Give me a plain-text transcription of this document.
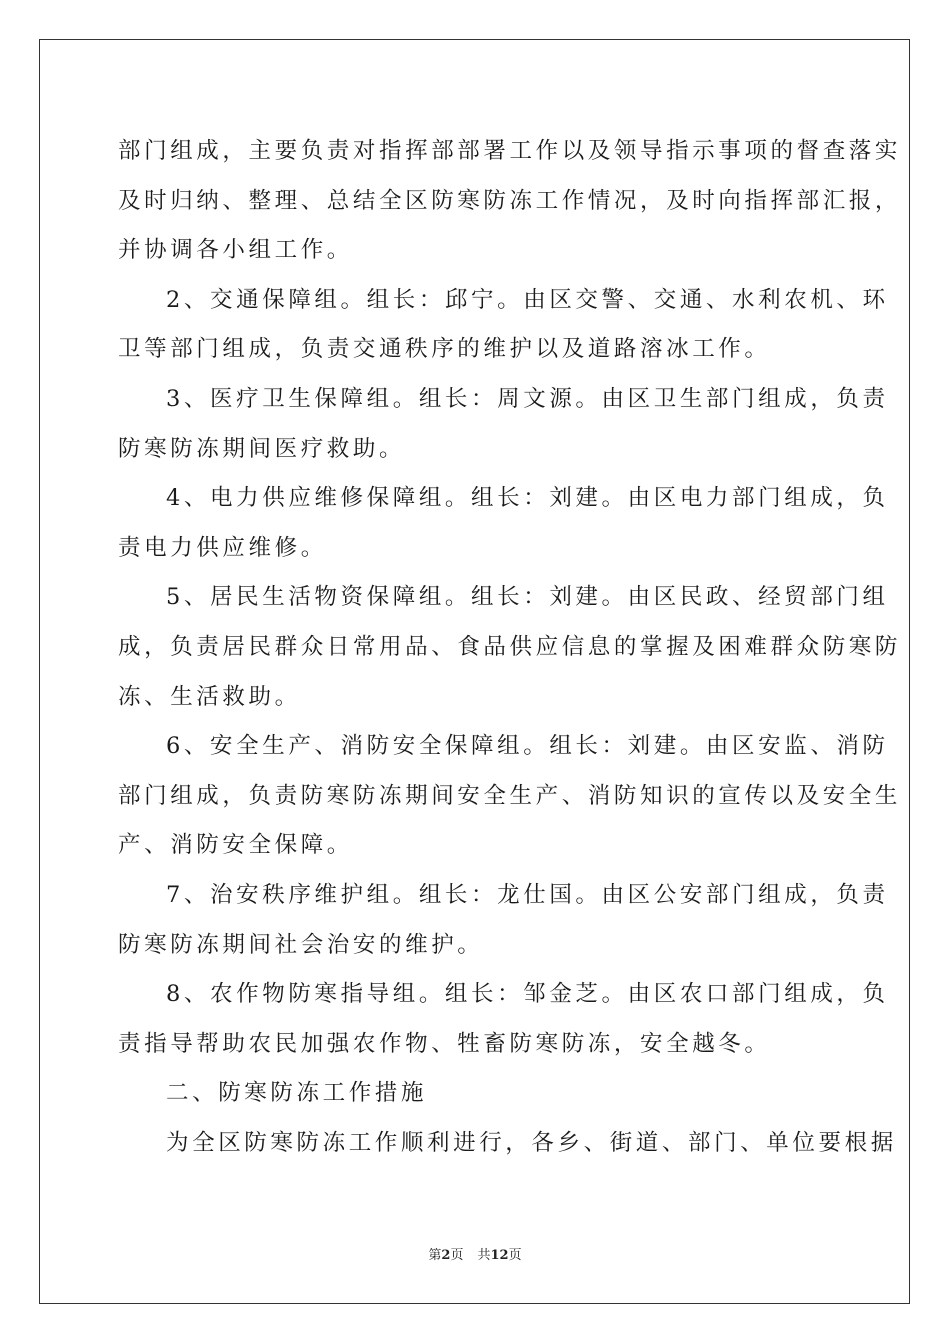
部门组成，主要负责对指挥部部署工作以及领导指示事项的督查落实
及时归纳、整理、总结全区防寒防冻工作情况，及时向指挥部汇报，
并协调各小组工作。
2、交通保障组。组长：邱宁。由区交警、交通、水利农机、环
卫等部门组成，负责交通秩序的维护以及道路溶冰工作。
3、医疗卫生保障组。组长：周文源。由区卫生部门组成，负责
防寒防冻期间医疗救助。
4、电力供应维修保障组。组长：刘建。由区电力部门组成，负
责电力供应维修。
5、居民生活物资保障组。组长：刘建。由区民政、经贸部门组
成，负责居民群众日常用品、食品供应信息的掌握及困难群众防寒防
冻、生活救助。
6、安全生产、消防安全保障组。组长：刘建。由区安监、消防
部门组成，负责防寒防冻期间安全生产、消防知识的宣传以及安全生
产、消防安全保障。
7、治安秩序维护组。组长：龙仕国。由区公安部门组成，负责
防寒防冻期间社会治安的维护。
8、农作物防寒指导组。组长：邹金芝。由区农口部门组成，负
责指导帮助农民加强农作物、牲畜防寒防冻，安全越冬。
二、防寒防冻工作措施
为全区防寒防冻工作顺利进行，各乡、街道、部门、单位要根据
第2页 共12页
